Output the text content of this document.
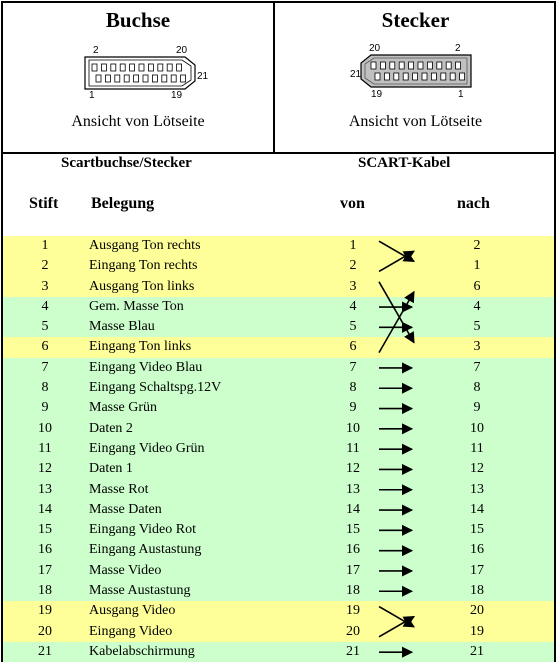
Buchse
2	20
21
1	19
Ansicht von Lötseite
Stecker
20	2
21
19	1
Ansicht von Lötseite
Scartbuchse/Stecker	SCART-Kabel
Stift Belegung	von	nach
1	Ausgang Ton rechts	1	2
2	Eingang Ton rechts	2	1
3	Ausgang Ton links	3	6
4	Gem. Masse Ton	4	4
5	Masse Blau	5	5
6	Eingang Ton links	6	3
7	Eingang Video Blau	7	7
8	Eingang Schaltspg.12V	8	8
9	Masse Grün	9	9
10	Daten 2	10	10
11	Eingang Video Grün	11	11
12	Daten 1	12	12
13	Masse Rot	13	13
14	Masse Daten	14	14
15	Eingang Video Rot	15	15
16	Eingang Austastung	16	16
17	Masse Video	17	17
18	Masse Austastung	18	18
19	Ausgang Video	19	20
20	Eingang Video	20	19
21	Kabelabschirmung	21	21
